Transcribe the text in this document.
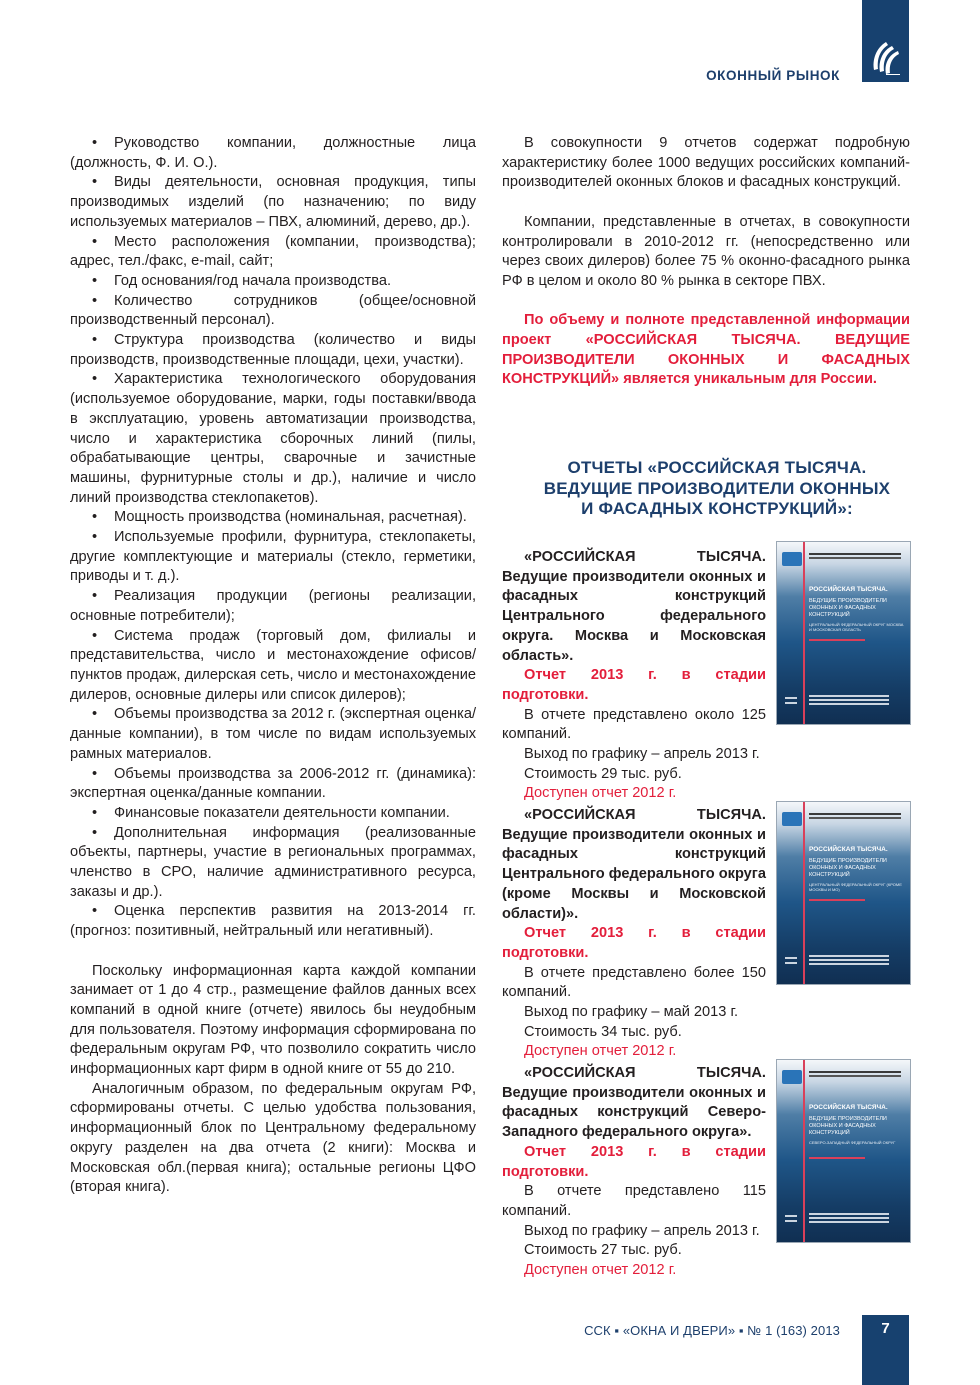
ОКОННЫЙ РЫНОК

• Руководство компании, должностные лица (должность, Ф. И. О.).

• Виды деятельности, основная продукция, типы производимых изделий (по назначению; по виду используемых материалов – ПВХ, алюминий, дерево, др.).

• Место расположения (компании, производства); адрес, тел./факс, e-mail, сайт;

• Год основания/год начала производства.

• Количество сотрудников (общее/основной производственный персонал).

• Структура производства (количество и виды производств, производственные площади, цехи, участки).

• Характеристика технологического оборудования (используемое оборудование, марки, годы поставки/ввода в эксплуатацию, уровень автоматизации производства, число и характеристика сборочных линий (пилы, обрабатывающие центры, сварочные и зачистные машины, фурнитурные столы и др.), наличие и число линий производства стеклопакетов).

• Мощность производства (номинальная, расчетная).

• Используемые профили, фурнитура, стеклопакеты, другие комплектующие и материалы (стекло, герметики, приводы и т. д.).

• Реализация продукции (регионы реализации, основные потребители);

• Система продаж (торговый дом, филиалы и представительства, число и местонахождение офисов/пунктов продаж, дилерская сеть, число и местонахождение дилеров, основные дилеры или список дилеров);

• Объемы производства за 2012 г. (экспертная оценка/данные компании), в том числе по видам используемых рамных материалов.

• Объемы производства за 2006-2012 гг. (динамика): экспертная оценка/данные компании.

• Финансовые показатели деятельности компании.

• Дополнительная информация (реализованные объекты, партнеры, участие в региональных программах, членство в СРО, наличие административного ресурса, заказы и др.).

• Оценка перспектив развития на 2013-2014 гг. (прогноз: позитивный, нейтральный или негативный).

Поскольку информационная карта каждой компании занимает от 1 до 4 стр., размещение файлов данных всех компаний в одной книге (отчете) явилось бы неудобным для пользователя. Поэтому информация сформирована по федеральным округам РФ, что позволило сократить число информационных карт фирм в одной книге от 55 до 210.

Аналогичным образом, по федеральным округам РФ, сформированы отчеты. С целью удобства пользования, информационный блок по Центральному федеральному округу разделен на два отчета (2 книги): Москва и Московская обл.(первая книга); остальные регионы ЦФО (вторая книга).

В совокупности 9 отчетов содержат подробную характеристику более 1000 ведущих российских компаний-производителей оконных блоков и фасадных конструкций.

Компании, представленные в отчетах, в совокупности контролировали в 2010-2012 гг. (непосредственно или через своих дилеров) более 75 % оконно-фасадного рынка РФ в целом и около 80 % рынка в секторе ПВХ.

По объему и полноте представленной информации проект «РОССИЙСКАЯ ТЫСЯЧА. ВЕДУЩИЕ ПРОИЗВОДИТЕЛИ ОКОННЫХ И ФАСАДНЫХ КОНСТРУКЦИЙ» является уникальным для России.

ОТЧЕТЫ «РОССИЙСКАЯ ТЫСЯЧА.
ВЕДУЩИЕ ПРОИЗВОДИТЕЛИ ОКОННЫХ
И ФАСАДНЫХ КОНСТРУКЦИЙ»:

«РОССИЙСКАЯ ТЫСЯЧА. Ведущие производители оконных и фасадных конструкций Центрального федерального округа. Москва и Московская область».

Отчет 2013 г. в стадии подготовки.

В отчете представлено около 125 компаний.

Выход по графику – апрель 2013 г.

Стоимость 29 тыс. руб.

Доступен отчет 2012 г.

РОССИЙСКАЯ ТЫСЯЧА.
ВЕДУЩИЕ ПРОИЗВОДИТЕЛИ ОКОННЫХ И ФАСАДНЫХ КОНСТРУКЦИЙ
ЦЕНТРАЛЬНЫЙ ФЕДЕРАЛЬНЫЙ ОКРУГ МОСКВА И МОСКОВСКАЯ ОБЛАСТЬ

«РОССИЙСКАЯ ТЫСЯЧА. Ведущие производители оконных и фасадных конструкций Центрального федерального округа (кроме Москвы и Московской области)».

Отчет 2013 г. в стадии подготовки.

В отчете представлено более 150 компаний.

Выход по графику – май 2013 г.

Стоимость 34 тыс. руб.

Доступен отчет 2012 г.

РОССИЙСКАЯ ТЫСЯЧА.
ВЕДУЩИЕ ПРОИЗВОДИТЕЛИ ОКОННЫХ И ФАСАДНЫХ КОНСТРУКЦИЙ
ЦЕНТРАЛЬНЫЙ ФЕДЕРАЛЬНЫЙ ОКРУГ (КРОМЕ МОСКВЫ И МО)

«РОССИЙСКАЯ ТЫСЯЧА. Ведущие производители оконных и фасадных конструкций Северо-Западного федерального округа».

Отчет 2013 г. в стадии подготовки.

В отчете представлено 115 компаний.

Выход по графику – апрель 2013 г.

Стоимость 27 тыс. руб.

Доступен отчет 2012 г.

РОССИЙСКАЯ ТЫСЯЧА.
ВЕДУЩИЕ ПРОИЗВОДИТЕЛИ ОКОННЫХ И ФАСАДНЫХ КОНСТРУКЦИЙ
СЕВЕРО-ЗАПАДНЫЙ ФЕДЕРАЛЬНЫЙ ОКРУГ
ССК ▪ «ОКНА И ДВЕРИ» ▪ № 1 (163) 2013	7
